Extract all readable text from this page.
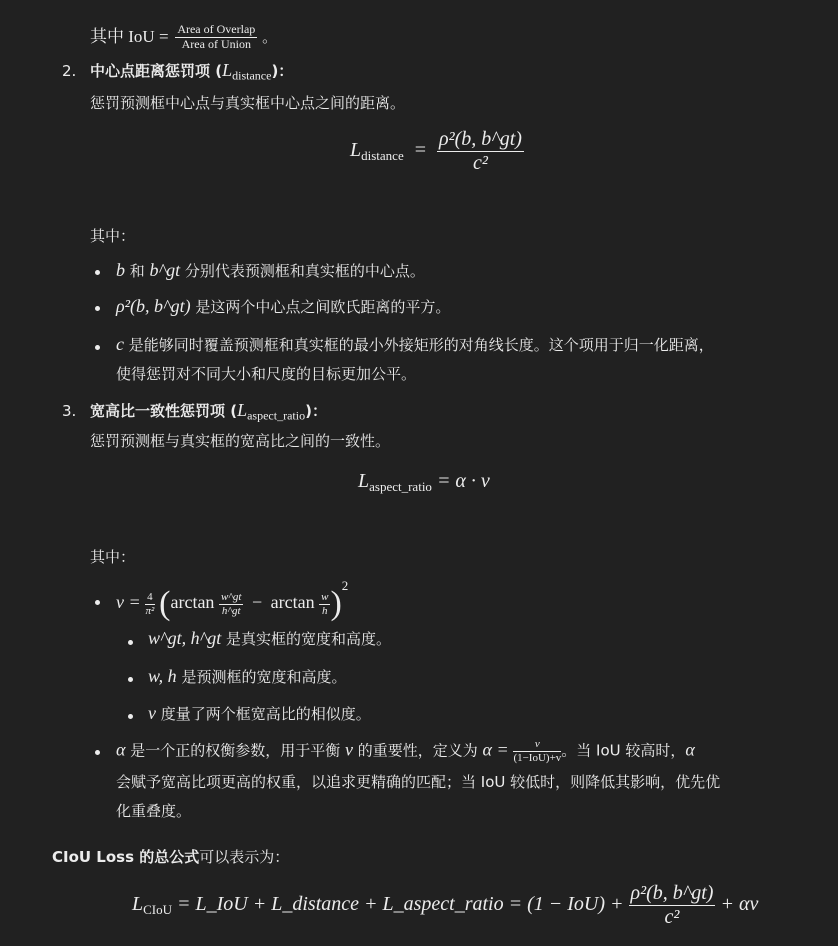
其中 IoU = $\frac{\text{Area of Overlap}}{\text{Area of Union}}$ 。
2. 中心点距离惩罚项 $(L_{distance})$：
惩罚预测框中心点与真实框中心点之间的距离。
$L_{distance} = \frac{\text{ρ²(b, b\textasciicircum{}gt)}}{\text{c²}}$
其中：
b 和 b^gt 分别代表预测框和真实框的中心点。
ρ²(b, b^gt) 是这两个中心点之间欧氏距离的平方。
c 是能够同时覆盖预测框和真实框的最小外接矩形的对角线长度。这个项用于归一化距离，
使得惩罚对不同大小和尺度的目标更加公平。
3. 宽高比一致性惩罚项 $(L_{aspect\_ratio})$：
惩罚预测框与真实框的宽高比之间的一致性。
$L_{aspect\_ratio} = \alpha \cdot v$
其中：
$v = \frac{4}{\text{π²}} (\arctan \frac{w\^{}gt}{h\^{}gt} - \arctan \frac{w}{h} )^2$
w^gt, h^gt 是真实框的宽度和高度。
w, h 是预测框的宽度和高度。
v 度量了两个框宽高比的相似度。
α 是一个正的权衡参数，用于平衡 v 的重要性，定义为 $\alpha = \frac{v}{\text{(1−IoU)+v}}$ 。当 IoU 较高时，α
会赋予宽高比项更高的权重，以追求更精确的匹配；当 IoU 较低时，则降低其影响，优先优
化重叠度。
CIoU Loss 的总公式可以表示为：
$L_{CIoU}$ = L_IoU + L_distance + L_aspect_ratio = $(1 - IoU) + \frac{\text{ρ²(b, b\textasciicircum{}gt)}}{\text{c²}} + \alpha v$
